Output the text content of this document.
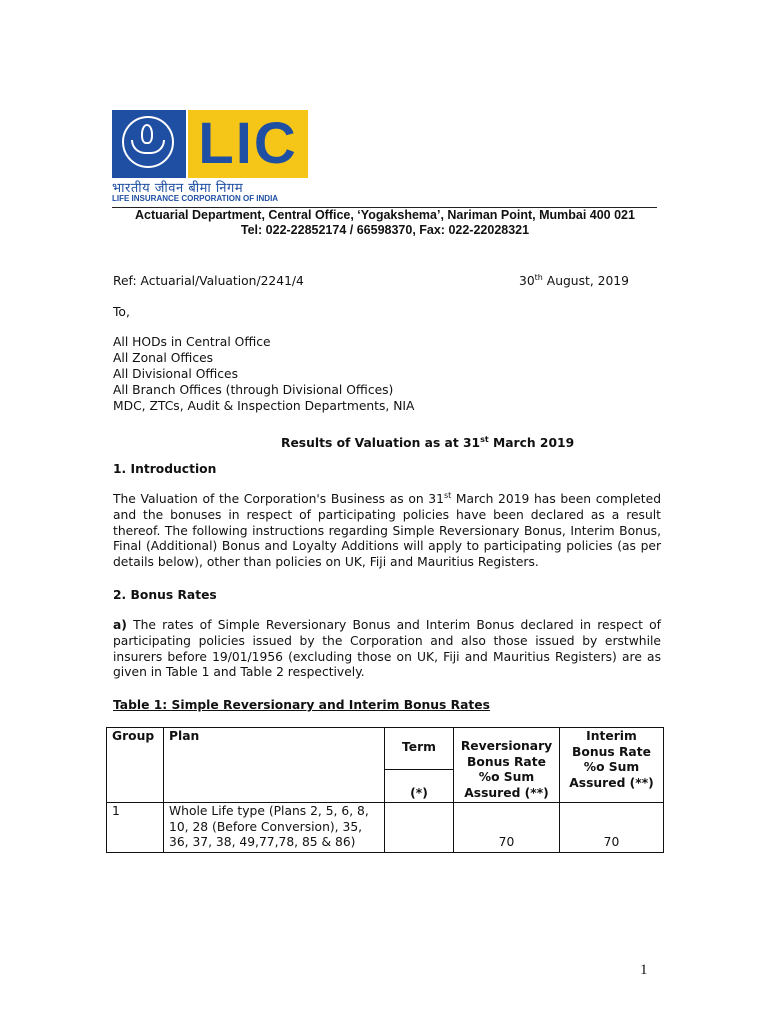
LIC
भारतीय जीवन बीमा निगम
LIFE INSURANCE CORPORATION OF INDIA
Actuarial Department, Central Office, ‘Yogakshema’, Nariman Point, Mumbai 400 021
Tel: 022-22852174 / 66598370, Fax: 022-22028321
Ref: Actuarial/Valuation/2241/4	30th August, 2019
To,
All HODs in Central Office
All Zonal Offices
All Divisional Offices
All Branch Offices (through Divisional Offices)
MDC, ZTCs, Audit & Inspection Departments, NIA
Results of Valuation as at 31st March 2019
1. Introduction
The Valuation of the Corporation's Business as on 31st March 2019 has been completed and the bonuses in respect of participating policies have been declared as a result thereof. The following instructions regarding Simple Reversionary Bonus, Interim Bonus, Final (Additional) Bonus and Loyalty Additions will apply to participating policies (as per details below), other than policies on UK, Fiji and Mauritius Registers.
2. Bonus Rates
a) The rates of Simple Reversionary Bonus and Interim Bonus declared in respect of participating policies issued by the Corporation and also those issued by erstwhile insurers before 19/01/1956 (excluding those on UK, Fiji and Mauritius Registers) are as given in Table 1 and Table 2 respectively.
Table 1: Simple Reversionary and Interim Bonus Rates
Group	Plan	Term	Reversionary Bonus Rate %o Sum Assured (**)	Interim Bonus Rate %o Sum Assured (**)
		(*)		
1	Whole Life type (Plans 2, 5, 6, 8, 10, 28 (Before Conversion), 35, 36, 37, 38, 49,77,78, 85 & 86)		70	70
1
